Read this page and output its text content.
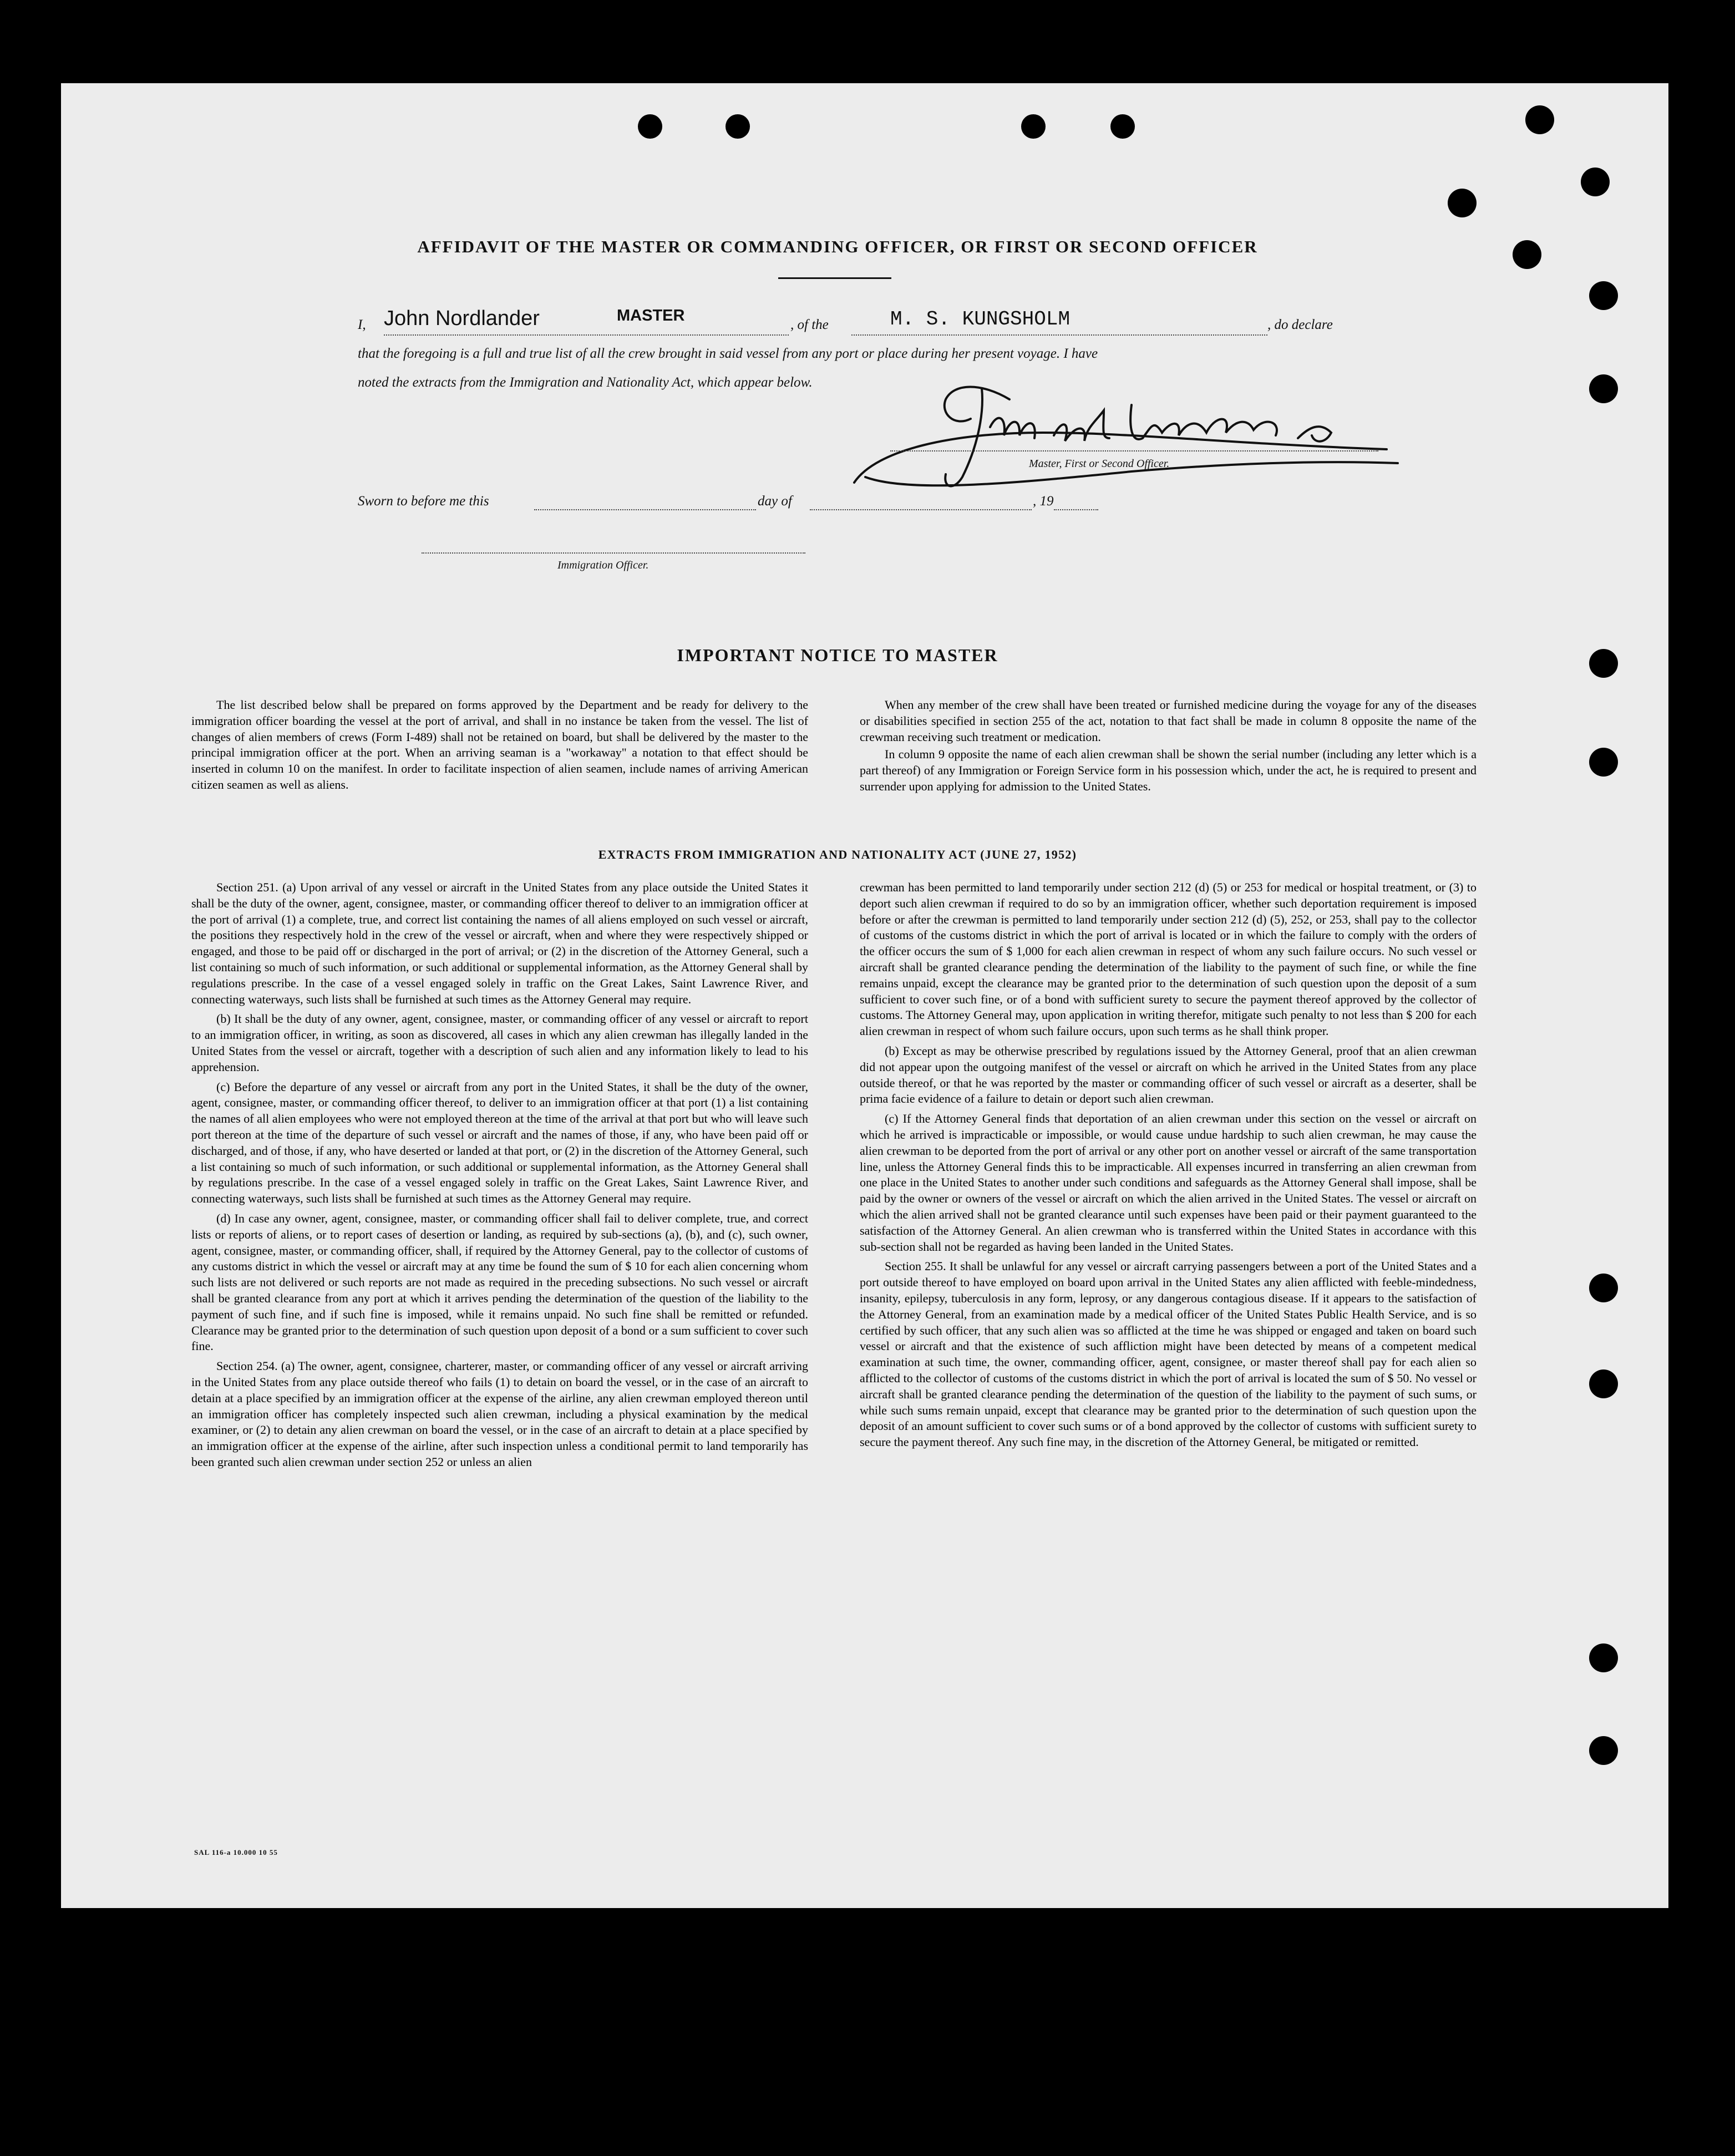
AFFIDAVIT OF THE MASTER OR COMMANDING OFFICER, OR FIRST OR SECOND OFFICER
I, John Nordlander	MASTER
, of the	M. S. KUNGSHOLM	, do declare
that the foregoing is a full and true list of all the crew brought in said vessel from any port or place during her present voyage. I have
noted the extracts from the Immigration and Nationality Act, which appear below.
Master, First or Second Officer.
Sworn to before me this	day of	, 19
Immigration Officer.
IMPORTANT NOTICE TO MASTER

The list described below shall be prepared on forms approved by the Department and be ready for delivery to the immigration officer boarding the vessel at the port of arrival, and shall in no instance be taken from the vessel. The list of changes of alien members of crews (Form I-489) shall not be retained on board, but shall be delivered by the master to the principal immigration officer at the port. When an arriving seaman is a "workaway" a notation to that effect should be inserted in column 10 on the manifest. In order to facilitate inspection of alien seamen, include names of arriving American citizen seamen as well as aliens.

When any member of the crew shall have been treated or furnished medicine during the voyage for any of the diseases or disabilities specified in section 255 of the act, notation to that fact shall be made in column 8 opposite the name of the crewman receiving such treatment or medication.

In column 9 opposite the name of each alien crewman shall be shown the serial number (including any letter which is a part thereof) of any Immigration or Foreign Service form in his possession which, under the act, he is required to present and surrender upon applying for admission to the United States.

EXTRACTS FROM IMMIGRATION AND NATIONALITY ACT (JUNE 27, 1952)

Section 251. (a) Upon arrival of any vessel or aircraft in the United States from any place outside the United States it shall be the duty of the owner, agent, consignee, master, or commanding officer thereof to deliver to an immigration officer at the port of arrival (1) a complete, true, and correct list containing the names of all aliens employed on such vessel or aircraft, the positions they respectively hold in the crew of the vessel or aircraft, when and where they were respectively shipped or engaged, and those to be paid off or discharged in the port of arrival; or (2) in the discretion of the Attorney General, such a list containing so much of such information, or such additional or supplemental information, as the Attorney General shall by regulations prescribe. In the case of a vessel engaged solely in traffic on the Great Lakes, Saint Lawrence River, and connecting waterways, such lists shall be furnished at such times as the Attorney General may require.

(b) It shall be the duty of any owner, agent, consignee, master, or commanding officer of any vessel or aircraft to report to an immigration officer, in writing, as soon as discovered, all cases in which any alien crewman has illegally landed in the United States from the vessel or aircraft, together with a description of such alien and any information likely to lead to his apprehension.

(c) Before the departure of any vessel or aircraft from any port in the United States, it shall be the duty of the owner, agent, consignee, master, or commanding officer thereof, to deliver to an immigration officer at that port (1) a list containing the names of all alien employees who were not employed thereon at the time of the arrival at that port but who will leave such port thereon at the time of the departure of such vessel or aircraft and the names of those, if any, who have been paid off or discharged, and of those, if any, who have deserted or landed at that port, or (2) in the discretion of the Attorney General, such a list containing so much of such information, or such additional or supplemental information, as the Attorney General shall by regulations prescribe. In the case of a vessel engaged solely in traffic on the Great Lakes, Saint Lawrence River, and connecting waterways, such lists shall be furnished at such times as the Attorney General may require.

(d) In case any owner, agent, consignee, master, or commanding officer shall fail to deliver complete, true, and correct lists or reports of aliens, or to report cases of desertion or landing, as required by sub-sections (a), (b), and (c), such owner, agent, consignee, master, or commanding officer, shall, if required by the Attorney General, pay to the collector of customs of any customs district in which the vessel or aircraft may at any time be found the sum of $ 10 for each alien concerning whom such lists are not delivered or such reports are not made as required in the preceding subsections. No such vessel or aircraft shall be granted clearance from any port at which it arrives pending the determination of the question of the liability to the payment of such fine, and if such fine is imposed, while it remains unpaid. No such fine shall be remitted or refunded. Clearance may be granted prior to the determination of such question upon deposit of a bond or a sum sufficient to cover such fine.

Section 254. (a) The owner, agent, consignee, charterer, master, or commanding officer of any vessel or aircraft arriving in the United States from any place outside thereof who fails (1) to detain on board the vessel, or in the case of an aircraft to detain at a place specified by an immigration officer at the expense of the airline, any alien crewman employed thereon until an immigration officer has completely inspected such alien crewman, including a physical examination by the medical examiner, or (2) to detain any alien crewman on board the vessel, or in the case of an aircraft to detain at a place specified by an immigration officer at the expense of the airline, after such inspection unless a conditional permit to land temporarily has been granted such alien crewman under section 252 or unless an alien

crewman has been permitted to land temporarily under section 212 (d) (5) or 253 for medical or hospital treatment, or (3) to deport such alien crewman if required to do so by an immigration officer, whether such deportation requirement is imposed before or after the crewman is permitted to land temporarily under section 212 (d) (5), 252, or 253, shall pay to the collector of customs of the customs district in which the port of arrival is located or in which the failure to comply with the orders of the officer occurs the sum of $ 1,000 for each alien crewman in respect of whom any such failure occurs. No such vessel or aircraft shall be granted clearance pending the determination of the liability to the payment of such fine, or while the fine remains unpaid, except the clearance may be granted prior to the determination of such question upon the deposit of a sum sufficient to cover such fine, or of a bond with sufficient surety to secure the payment thereof approved by the collector of customs. The Attorney General may, upon application in writing therefor, mitigate such penalty to not less than $ 200 for each alien crewman in respect of whom such failure occurs, upon such terms as he shall think proper.

(b) Except as may be otherwise prescribed by regulations issued by the Attorney General, proof that an alien crewman did not appear upon the outgoing manifest of the vessel or aircraft on which he arrived in the United States from any place outside thereof, or that he was reported by the master or commanding officer of such vessel or aircraft as a deserter, shall be prima facie evidence of a failure to detain or deport such alien crewman.

(c) If the Attorney General finds that deportation of an alien crewman under this section on the vessel or aircraft on which he arrived is impracticable or impossible, or would cause undue hardship to such alien crewman, he may cause the alien crewman to be deported from the port of arrival or any other port on another vessel or aircraft of the same transportation line, unless the Attorney General finds this to be impracticable. All expenses incurred in transferring an alien crewman from one place in the United States to another under such conditions and safeguards as the Attorney General shall impose, shall be paid by the owner or owners of the vessel or aircraft on which the alien arrived in the United States. The vessel or aircraft on which the alien arrived shall not be granted clearance until such expenses have been paid or their payment guaranteed to the satisfaction of the Attorney General. An alien crewman who is transferred within the United States in accordance with this sub-section shall not be regarded as having been landed in the United States.

Section 255. It shall be unlawful for any vessel or aircraft carrying passengers between a port of the United States and a port outside thereof to have employed on board upon arrival in the United States any alien afflicted with feeble-mindedness, insanity, epilepsy, tuberculosis in any form, leprosy, or any dangerous contagious disease. If it appears to the satisfaction of the Attorney General, from an examination made by a medical officer of the United States Public Health Service, and is so certified by such officer, that any such alien was so afflicted at the time he was shipped or engaged and taken on board such vessel or aircraft and that the existence of such affliction might have been detected by means of a competent medical examination at such time, the owner, commanding officer, agent, consignee, or master thereof shall pay for each alien so afflicted to the collector of customs of the customs district in which the port of arrival is located the sum of $ 50. No vessel or aircraft shall be granted clearance pending the determination of the question of the liability to the payment of such sums, or while such sums remain unpaid, except that clearance may be granted prior to the determination of such question upon the deposit of an amount sufficient to cover such sums or of a bond approved by the collector of customs with sufficient surety to secure the payment thereof. Any such fine may, in the discretion of the Attorney General, be mitigated or remitted.

SAL 116-a 10.000 10 55
